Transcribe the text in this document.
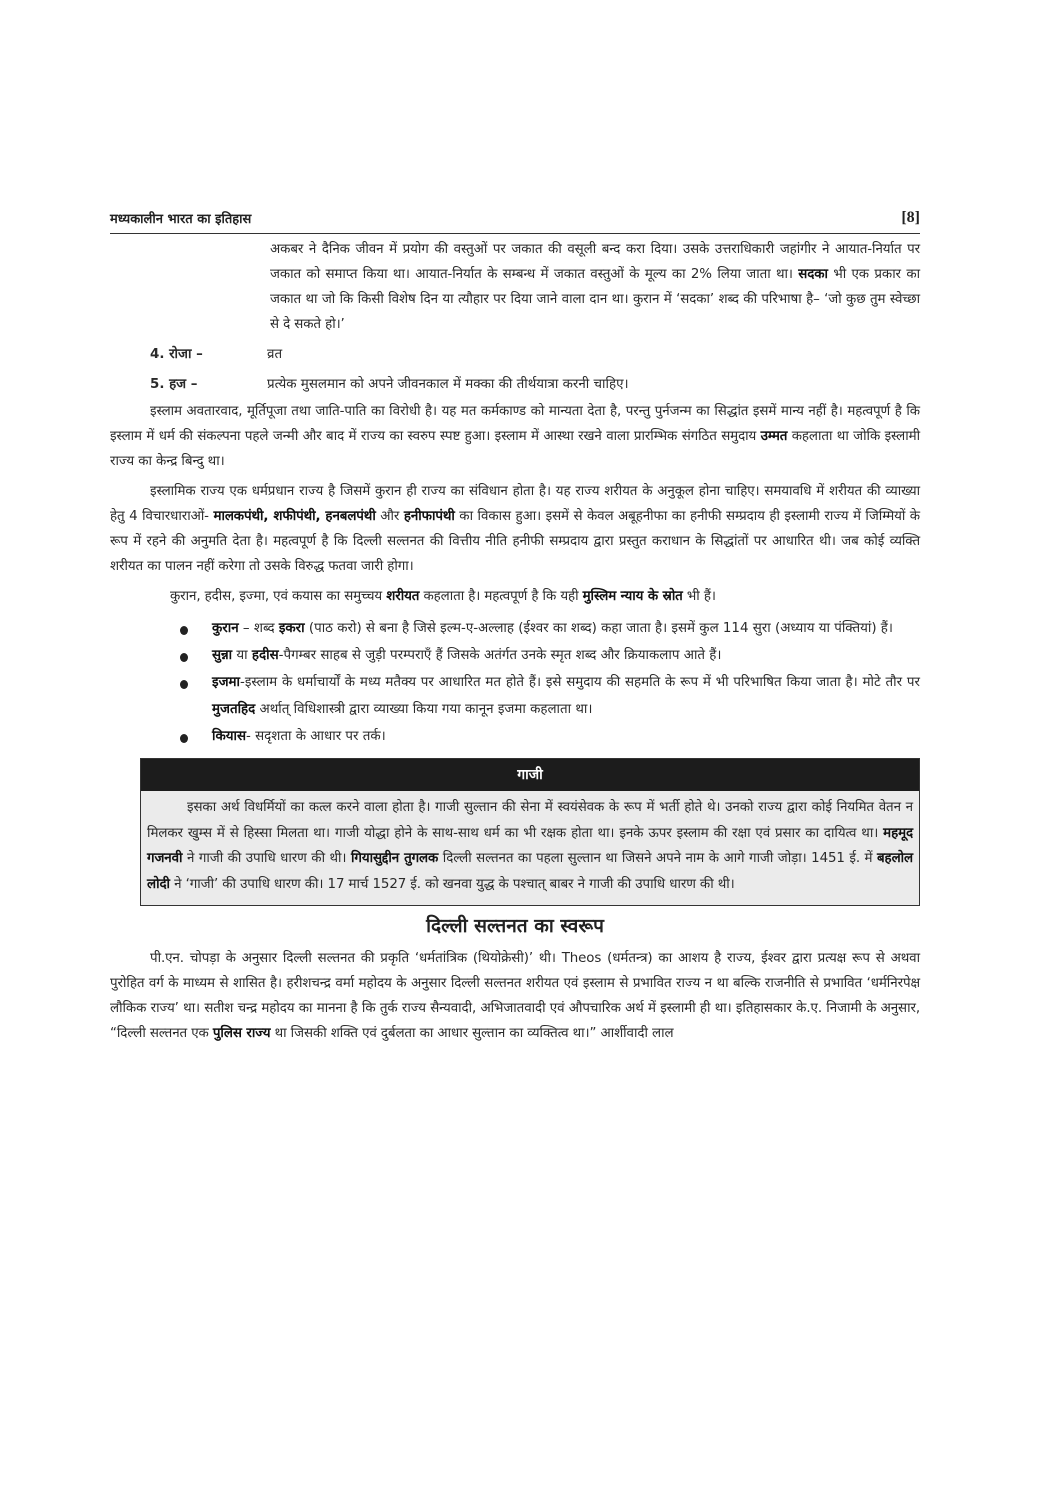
मध्यकालीन भारत का इतिहास	[8]

अकबर ने दैनिक जीवन में प्रयोग की वस्तुओं पर जकात की वसूली बन्द करा दिया। उसके उत्तराधिकारी जहांगीर ने आयात-निर्यात पर जकात को समाप्त किया था। आयात-निर्यात के सम्बन्ध में जकात वस्तुओं के मूल्य का 2% लिया जाता था। सदका भी एक प्रकार का जकात था जो कि किसी विशेष दिन या त्यौहार पर दिया जाने वाला दान था। कुरान में ‘सदका’ शब्द की परिभाषा है– ‘जो कुछ तुम स्वेच्छा से दे सकते हो।’

4. रोजा –	व्रत
5. हज –	प्रत्येक मुसलमान को अपने जीवनकाल में मक्का की तीर्थयात्रा करनी चाहिए।

इस्लाम अवतारवाद, मूर्तिपूजा तथा जाति-पाति का विरोधी है। यह मत कर्मकाण्ड को मान्यता देता है, परन्तु पुर्नजन्म का सिद्धांत इसमें मान्य नहीं है। महत्वपूर्ण है कि इस्लाम में धर्म की संकल्पना पहले जन्मी और बाद में राज्य का स्वरुप स्पष्ट हुआ। इस्लाम में आस्था रखने वाला प्रारम्भिक संगठित समुदाय उम्मत कहलाता था जोकि इस्लामी राज्य का केन्द्र बिन्दु था।

इस्लामिक राज्य एक धर्मप्रधान राज्य है जिसमें कुरान ही राज्य का संविधान होता है। यह राज्य शरीयत के अनुकूल होना चाहिए। समयावधि में शरीयत की व्याख्या हेतु 4 विचारधाराओं- मालकपंथी, शफीपंथी, हनबलपंथी और हनीफापंथी का विकास हुआ। इसमें से केवल अबूहनीफा का हनीफी सम्प्रदाय ही इस्लामी राज्य में जिम्मियों के रूप में रहने की अनुमति देता है। महत्वपूर्ण है कि दिल्ली सल्तनत की वित्तीय नीति हनीफी सम्प्रदाय द्वारा प्रस्तुत कराधान के सिद्धांतों पर आधारित थी। जब कोई व्यक्ति शरीयत का पालन नहीं करेगा तो उसके विरुद्ध फतवा जारी होगा।

कुरान, हदीस, इज्मा, एवं कयास का समुच्चय शरीयत कहलाता है। महत्वपूर्ण है कि यही मुस्लिम न्याय के स्रोत भी हैं।

कुरान – शब्द इकरा (पाठ करो) से बना है जिसे इल्म-ए-अल्लाह (ईश्वर का शब्द) कहा जाता है। इसमें कुल 114 सुरा (अध्याय या पंक्तियां) हैं।
सुन्ना या हदीस-पैगम्बर साहब से जुड़ी परम्पराएँ हैं जिसके अतंर्गत उनके स्मृत शब्द और क्रियाकलाप आते हैं।
इजमा-इस्लाम के धर्माचार्यों के मध्य मतैक्य पर आधारित मत होते हैं। इसे समुदाय की सहमति के रूप में भी परिभाषित किया जाता है। मोटे तौर पर मुजतहिद अर्थात् विधिशास्त्री द्वारा व्याख्या किया गया कानून इजमा कहलाता था।
कियास- सदृशता के आधार पर तर्क।
गाजी

इसका अर्थ विधर्मियों का कत्ल करने वाला होता है। गाजी सुल्तान की सेना में स्वयंसेवक के रूप में भर्ती होते थे। उनको राज्य द्वारा कोई नियमित वेतन न मिलकर खुम्स में से हिस्सा मिलता था। गाजी योद्धा होने के साथ-साथ धर्म का भी रक्षक होता था। इनके ऊपर इस्लाम की रक्षा एवं प्रसार का दायित्व था। महमूद गजनवी ने गाजी की उपाधि धारण की थी। गियासुद्दीन तुगलक दिल्ली सल्तनत का पहला सुल्तान था जिसने अपने नाम के आगे गाजी जोड़ा। 1451 ई. में बहलोल लोदी ने ‘गाजी’ की उपाधि धारण की। 17 मार्च 1527 ई. को खनवा युद्ध के पश्चात् बाबर ने गाजी की उपाधि धारण की थी।

दिल्ली सल्तनत का स्वरूप

पी.एन. चोपड़ा के अनुसार दिल्ली सल्तनत की प्रकृति ‘धर्मतांत्रिक (थियोक्रेसी)’ थी। Theos (धर्मतन्त्र) का आशय है राज्य, ईश्वर द्वारा प्रत्यक्ष रूप से अथवा पुरोहित वर्ग के माध्यम से शासित है। हरीशचन्द्र वर्मा महोदय के अनुसार दिल्ली सल्तनत शरीयत एवं इस्लाम से प्रभावित राज्य न था बल्कि राजनीति से प्रभावित ‘धर्मनिरपेक्ष लौकिक राज्य’ था। सतीश चन्द्र महोदय का मानना है कि तुर्क राज्य सैन्यवादी, अभिजातवादी एवं औपचारिक अर्थ में इस्लामी ही था। इतिहासकार के.ए. निजामी के अनुसार, “दिल्ली सल्तनत एक पुलिस राज्य था जिसकी शक्ति एवं दुर्बलता का आधार सुल्तान का व्यक्तित्व था।” आर्शीवादी लाल
